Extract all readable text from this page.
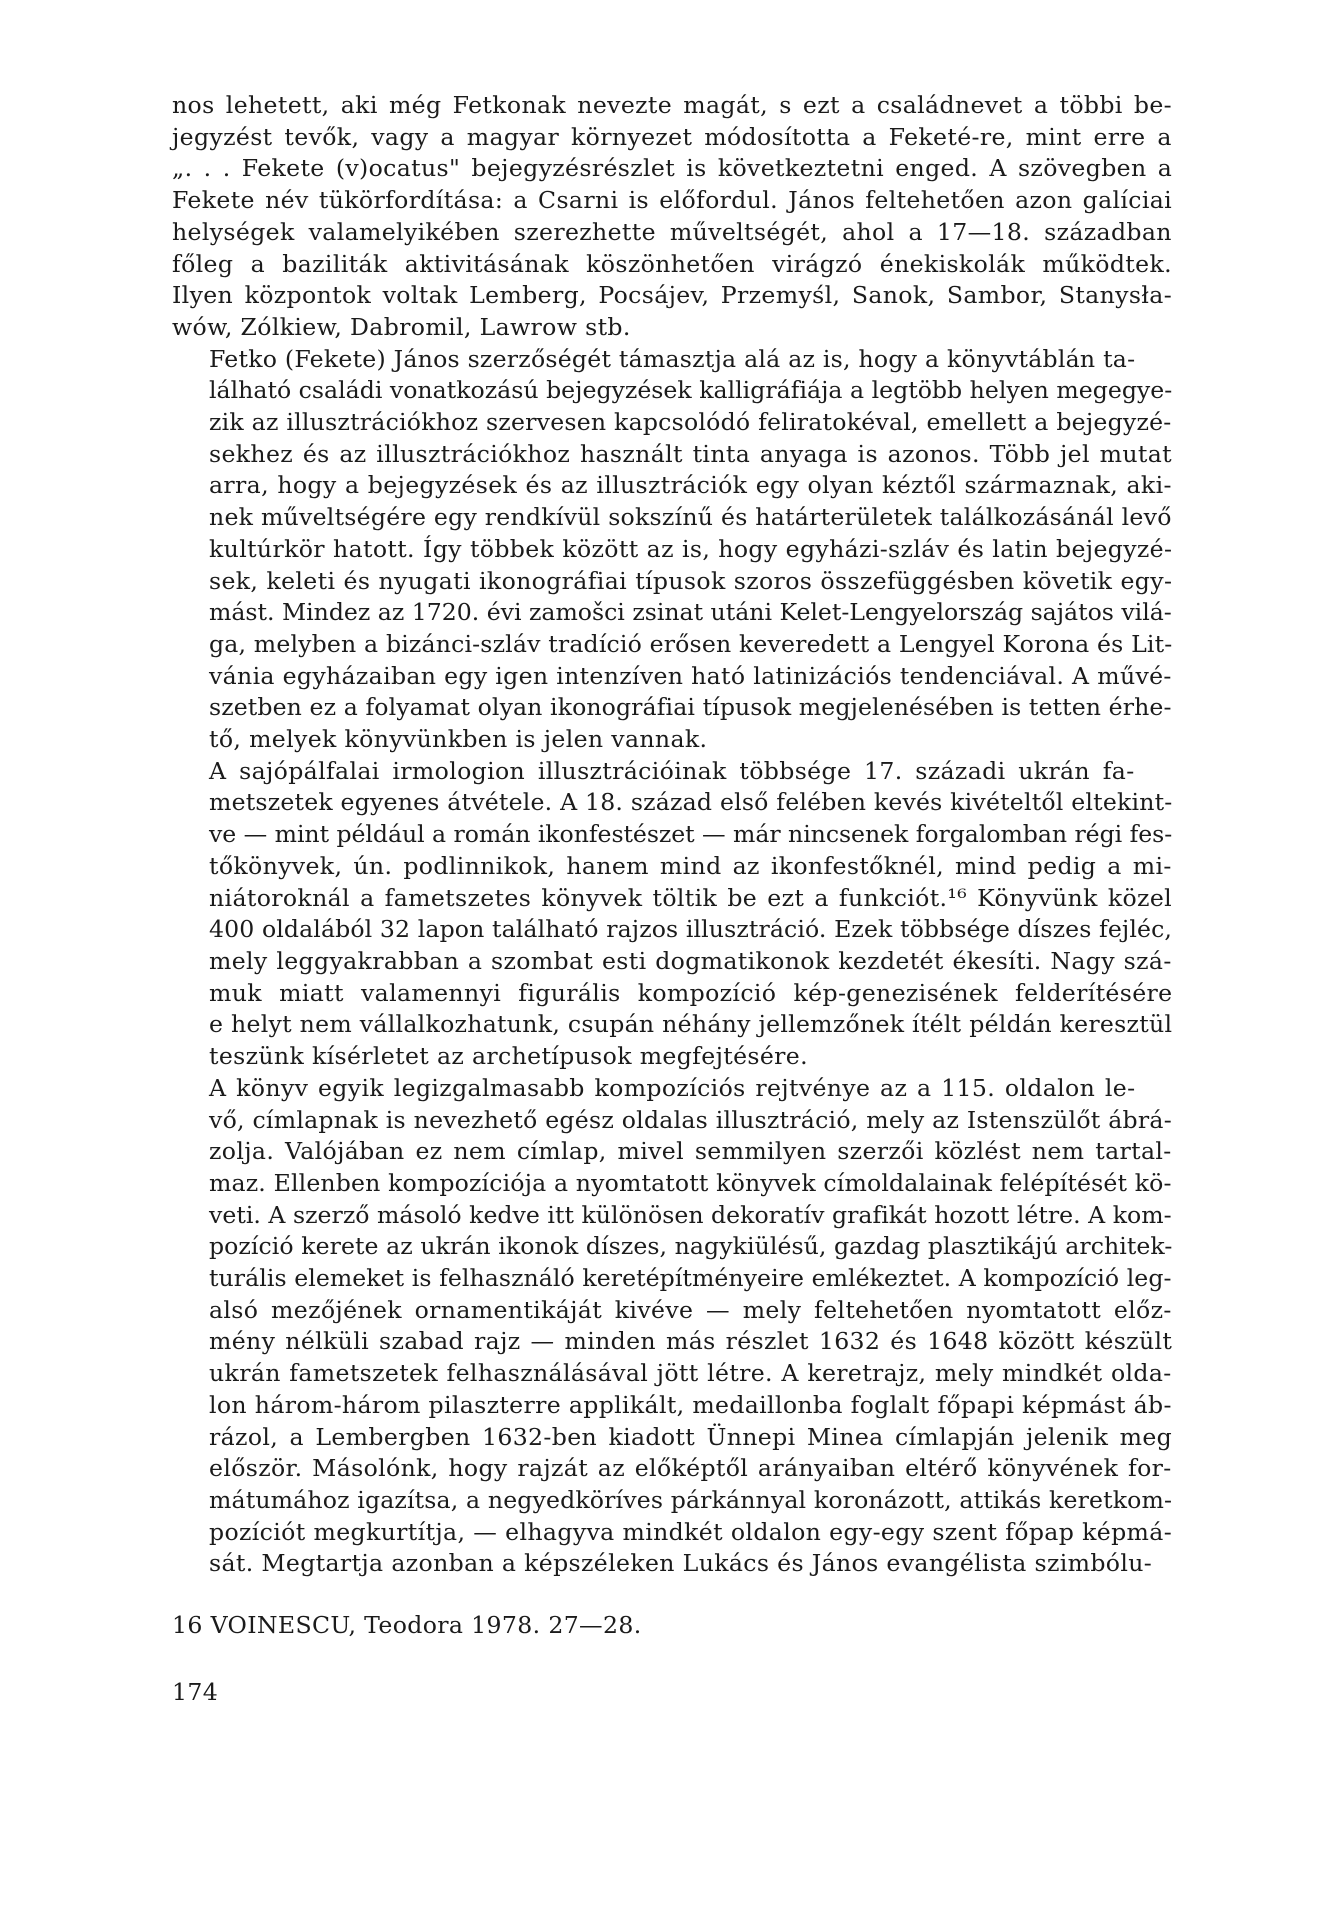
nos lehetett, aki még Fetkonak nevezte magát, s ezt a családnevet a többi be-
jegyzést tevők, vagy a magyar környezet módosította a Feketé-re, mint erre a
„. . . Fekete (v)ocatus" bejegyzésrészlet is következtetni enged. A szövegben a
Fekete név tükörfordítása: a Csarni is előfordul. János feltehetően azon galíciai
helységek valamelyikében szerezhette műveltségét, ahol a 17—18. században
főleg a baziliták aktivitásának köszönhetően virágzó énekiskolák működtek.
Ilyen központok voltak Lemberg, Pocsájev, Przemyśl, Sanok, Sambor, Stanysła-
wów, Zólkiew, Dabromil, Lawrow stb.

Fetko (Fekete) János szerzőségét támasztja alá az is, hogy a könyvtáblán ta-
lálható családi vonatkozású bejegyzések kalligráfiája a legtöbb helyen megegye-
zik az illusztrációkhoz szervesen kapcsolódó feliratokéval, emellett a bejegyzé-
sekhez és az illusztrációkhoz használt tinta anyaga is azonos. Több jel mutat
arra, hogy a bejegyzések és az illusztrációk egy olyan kéztől származnak, aki-
nek műveltségére egy rendkívül sokszínű és határterületek találkozásánál levő
kultúrkör hatott. Így többek között az is, hogy egyházi-szláv és latin bejegyzé-
sek, keleti és nyugati ikonográfiai típusok szoros összefüggésben követik egy-
mást. Mindez az 1720. évi zamošci zsinat utáni Kelet-Lengyelország sajátos vilá-
ga, melyben a bizánci-szláv tradíció erősen keveredett a Lengyel Korona és Lit-
vánia egyházaiban egy igen intenzíven ható latinizációs tendenciával. A művé-
szetben ez a folyamat olyan ikonográfiai típusok megjelenésében is tetten érhe-
tő, melyek könyvünkben is jelen vannak.

A sajópálfalai irmologion illusztrációinak többsége 17. századi ukrán fa-
metszetek egyenes átvétele. A 18. század első felében kevés kivételtől eltekint-
ve — mint például a román ikonfestészet — már nincsenek forgalomban régi fes-
tőkönyvek, ún. podlinnikok, hanem mind az ikonfestőknél, mind pedig a mi-
niátoroknál a fametszetes könyvek töltik be ezt a funkciót.¹⁶ Könyvünk közel
400 oldalából 32 lapon található rajzos illusztráció. Ezek többsége díszes fejléc,
mely leggyakrabban a szombat esti dogmatikonok kezdetét ékesíti. Nagy szá-
muk miatt valamennyi figurális kompozíció kép-genezisének felderítésére
e helyt nem vállalkozhatunk, csupán néhány jellemzőnek ítélt példán keresztül
teszünk kísérletet az archetípusok megfejtésére.

A könyv egyik legizgalmasabb kompozíciós rejtvénye az a 115. oldalon le-
vő, címlapnak is nevezhető egész oldalas illusztráció, mely az Istenszülőt ábrá-
zolja. Valójában ez nem címlap, mivel semmilyen szerzői közlést nem tartal-
maz. Ellenben kompozíciója a nyomtatott könyvek címoldalainak felépítését kö-
veti. A szerző másoló kedve itt különösen dekoratív grafikát hozott létre. A kom-
pozíció kerete az ukrán ikonok díszes, nagykiülésű, gazdag plasztikájú architek-
turális elemeket is felhasználó keretépítményeire emlékeztet. A kompozíció leg-
alsó mezőjének ornamentikáját kivéve — mely feltehetően nyomtatott előz-
mény nélküli szabad rajz — minden más részlet 1632 és 1648 között készült
ukrán fametszetek felhasználásával jött létre. A keretrajz, mely mindkét olda-
lon három-három pilaszterre applikált, medaillonba foglalt főpapi képmást áb-
rázol, a Lembergben 1632-ben kiadott Ünnepi Minea címlapján jelenik meg
először. Másolónk, hogy rajzát az előképtől arányaiban eltérő könyvének for-
mátumához igazítsa, a negyedköríves párkánnyal koronázott, attikás keretkom-
pozíciót megkurtítja, — elhagyva mindkét oldalon egy-egy szent főpap képmá-
sát. Megtartja azonban a képszéleken Lukács és János evangélista szimbólu-

16 VOINESCU, Teodora 1978. 27—28.
174
